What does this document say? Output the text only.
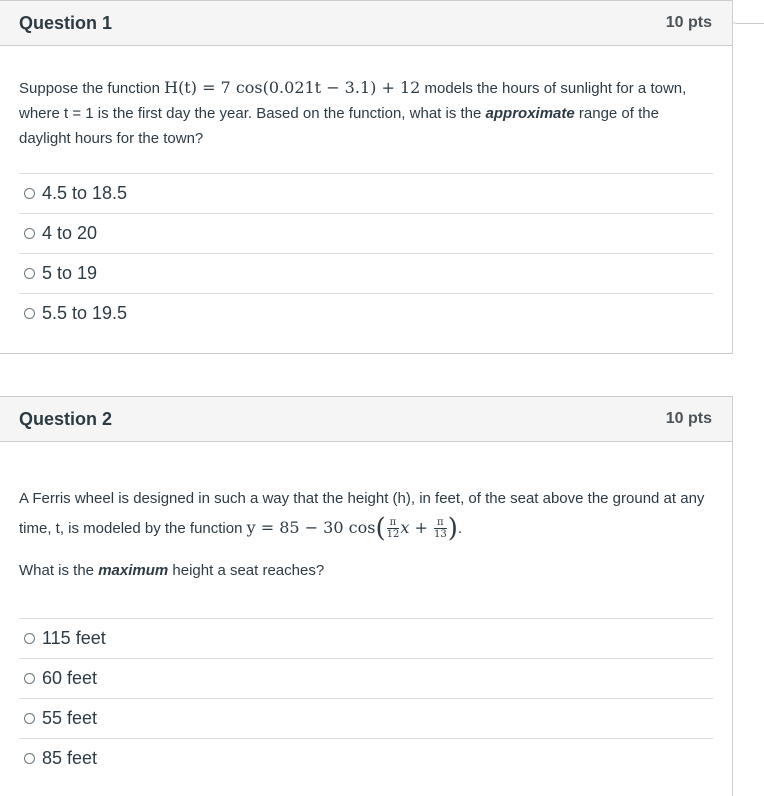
Question 1	10 pts
Suppose the function H(t) = 7 cos(0.021t − 3.1) + 12 models the hours of sunlight for a town, where t = 1 is the first day the year. Based on the function, what is the approximate range of the daylight hours for the town?
4.5 to 18.5
4 to 20
5 to 19
5.5 to 19.5
Question 2	10 pts
A Ferris wheel is designed in such a way that the height (h), in feet, of the seat above the ground at any time, t, is modeled by the function y = 85 − 30 $\cos( \frac{\pi}{12}$ $x + \frac{\pi}{13}$ ).
What is the maximum height a seat reaches?
115 feet
60 feet
55 feet
85 feet
